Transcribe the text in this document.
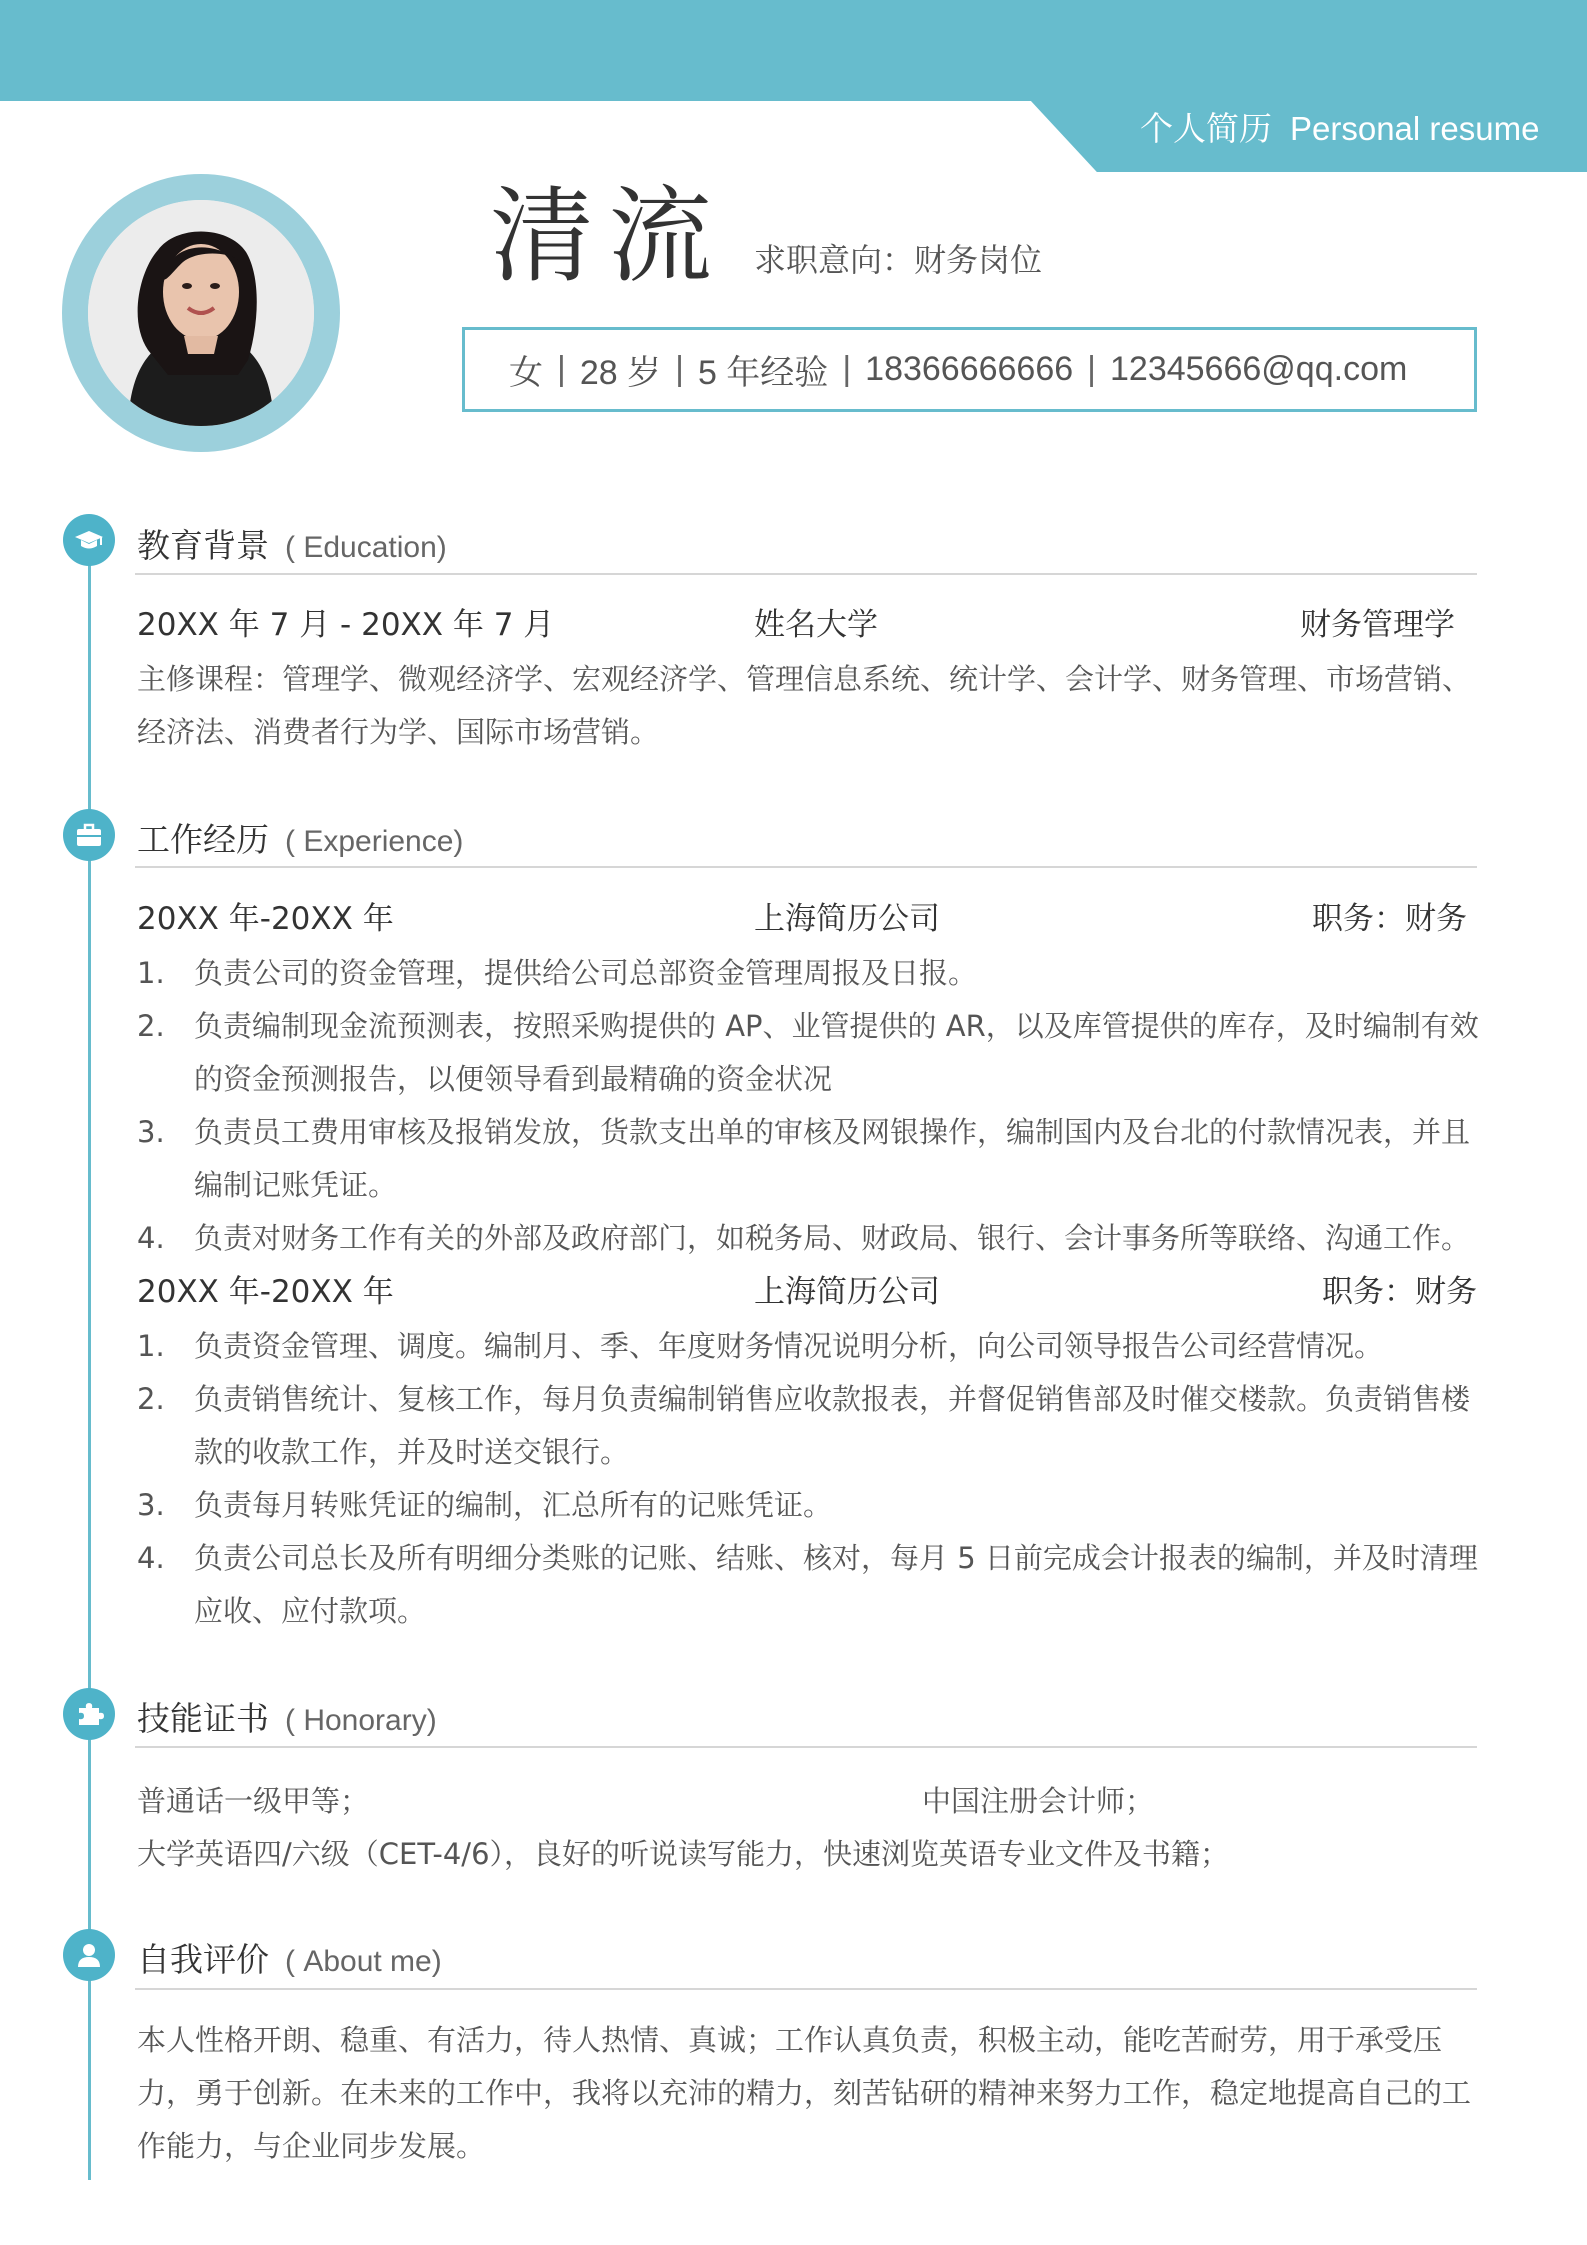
个人简历 Personal resume
清流 求职意向：财务岗位
女 | 28 岁 | 5 年经验 | 18366666666 | 12345666@qq.com
教育背景 ( Education)
20XX 年 7 月 - 20XX 年 7 月	姓名大学	财务管理学
主修课程：管理学、微观经济学、宏观经济学、管理信息系统、统计学、会计学、财务管理、市场营销、经济法、消费者行为学、国际市场营销。
工作经历 ( Experience)
20XX 年-20XX 年	上海简历公司	职务：财务
1. 负责公司的资金管理，提供给公司总部资金管理周报及日报。
2. 负责编制现金流预测表，按照采购提供的 AP、业管提供的 AR，以及库管提供的库存，及时编制有效的资金预测报告，以便领导看到最精确的资金状况
3. 负责员工费用审核及报销发放，货款支出单的审核及网银操作，编制国内及台北的付款情况表，并且编制记账凭证。
4. 负责对财务工作有关的外部及政府部门，如税务局、财政局、银行、会计事务所等联络、沟通工作。
20XX 年-20XX 年	上海简历公司	职务：财务
1. 负责资金管理、调度。编制月、季、年度财务情况说明分析，向公司领导报告公司经营情况。
2. 负责销售统计、复核工作，每月负责编制销售应收款报表，并督促销售部及时催交楼款。负责销售楼款的收款工作，并及时送交银行。
3. 负责每月转账凭证的编制，汇总所有的记账凭证。
4. 负责公司总长及所有明细分类账的记账、结账、核对，每月 5 日前完成会计报表的编制，并及时清理应收、应付款项。
技能证书 ( Honorary)
普通话一级甲等；	中国注册会计师；
大学英语四/六级（CET-4/6），良好的听说读写能力，快速浏览英语专业文件及书籍；
自我评价 ( About me)
本人性格开朗、稳重、有活力，待人热情、真诚；工作认真负责，积极主动，能吃苦耐劳，用于承受压力，勇于创新。在未来的工作中，我将以充沛的精力，刻苦钻研的精神来努力工作，稳定地提高自己的工作能力，与企业同步发展。
